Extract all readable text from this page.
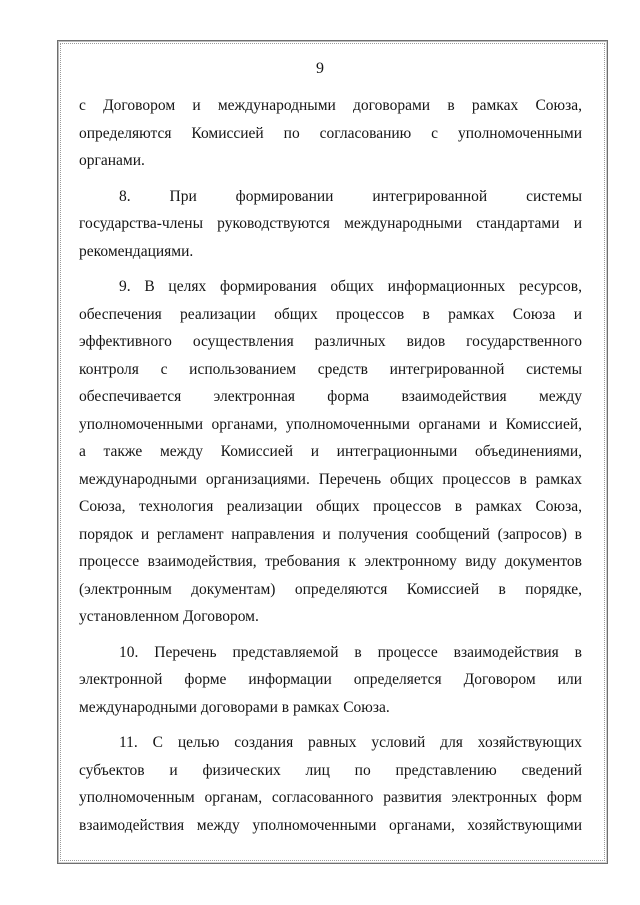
9

с Договором и международными договорами в рамках Союза,
определяются Комиссией по согласованию с уполномоченными
органами.

8. При формировании интегрированной системы
государства-члены руководствуются международными стандартами и
рекомендациями.

9. В целях формирования общих информационных ресурсов,
обеспечения реализации общих процессов в рамках Союза и
эффективного осуществления различных видов государственного
контроля с использованием средств интегрированной системы
обеспечивается электронная форма взаимодействия между
уполномоченными органами, уполномоченными органами и Комиссией,
а также между Комиссией и интеграционными объединениями,
международными организациями. Перечень общих процессов в рамках
Союза, технология реализации общих процессов в рамках Союза,
порядок и регламент направления и получения сообщений (запросов) в
процессе взаимодействия, требования к электронному виду документов
(электронным документам) определяются Комиссией в порядке,
установленном Договором.

10. Перечень представляемой в процессе взаимодействия в
электронной форме информации определяется Договором или
международными договорами в рамках Союза.

11. С целью создания равных условий для хозяйствующих
субъектов и физических лиц по представлению сведений
уполномоченным органам, согласованного развития электронных форм
взаимодействия между уполномоченными органами, хозяйствующими
